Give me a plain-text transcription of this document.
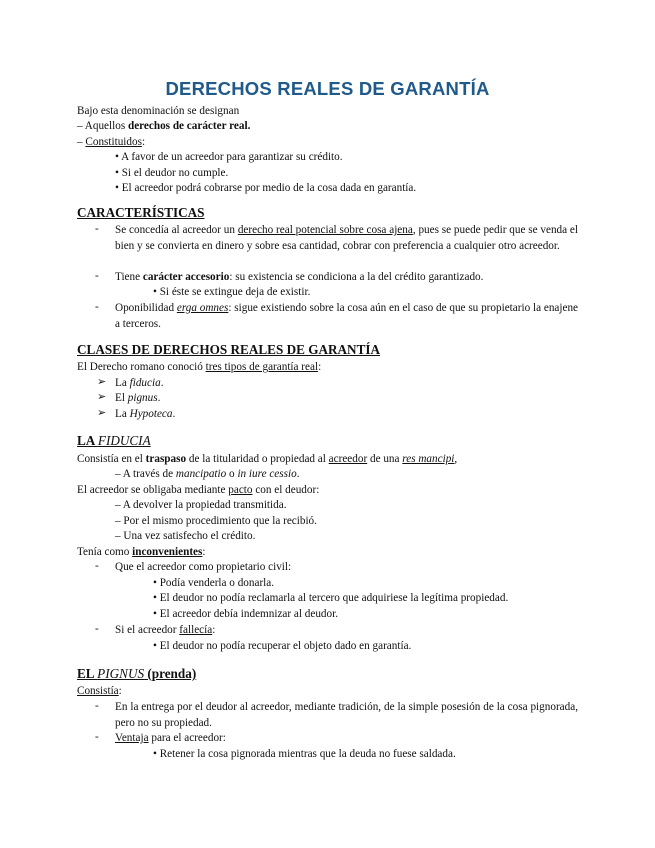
DERECHOS REALES DE GARANTÍA
Bajo esta denominación se designan
– Aquellos derechos de carácter real.
– Constituidos:
• A favor de un acreedor para garantizar su crédito.
• Si el deudor no cumple.
• El acreedor podrá cobrarse por medio de la cosa dada en garantía.
CARACTERÍSTICAS
- Se concedía al acreedor un derecho real potencial sobre cosa ajena, pues se puede pedir que se venda el bien y se convierta en dinero y sobre esa cantidad, cobrar con preferencia a cualquier otro acreedor.
- Tiene carácter accesorio: su existencia se condiciona a la del crédito garantizado.
• Si éste se extingue deja de existir.
- Oponibilidad erga omnes: sigue existiendo sobre la cosa aún en el caso de que su propietario la enajene a terceros.
CLASES DE DERECHOS REALES DE GARANTÍA
El Derecho romano conoció tres tipos de garantía real:
➢ La fiducia.
➢ El pignus.
➢ La Hypoteca.
LA FIDUCIA
Consistía en el traspaso de la titularidad o propiedad al acreedor de una res mancipi,
– A través de mancipatio o in iure cessio.
El acreedor se obligaba mediante pacto con el deudor:
– A devolver la propiedad transmitida.
– Por el mismo procedimiento que la recibió.
– Una vez satisfecho el crédito.
Tenía como inconvenientes:
- Que el acreedor como propietario civil:
• Podía venderla o donarla.
• El deudor no podía reclamarla al tercero que adquiriese la legítima propiedad.
• El acreedor debía indemnizar al deudor.
- Si el acreedor fallecía:
• El deudor no podía recuperar el objeto dado en garantía.
EL PIGNUS (prenda)
Consistía:
- En la entrega por el deudor al acreedor, mediante tradición, de la simple posesión de la cosa pignorada, pero no su propiedad.
- Ventaja para el acreedor:
• Retener la cosa pignorada mientras que la deuda no fuese saldada.
